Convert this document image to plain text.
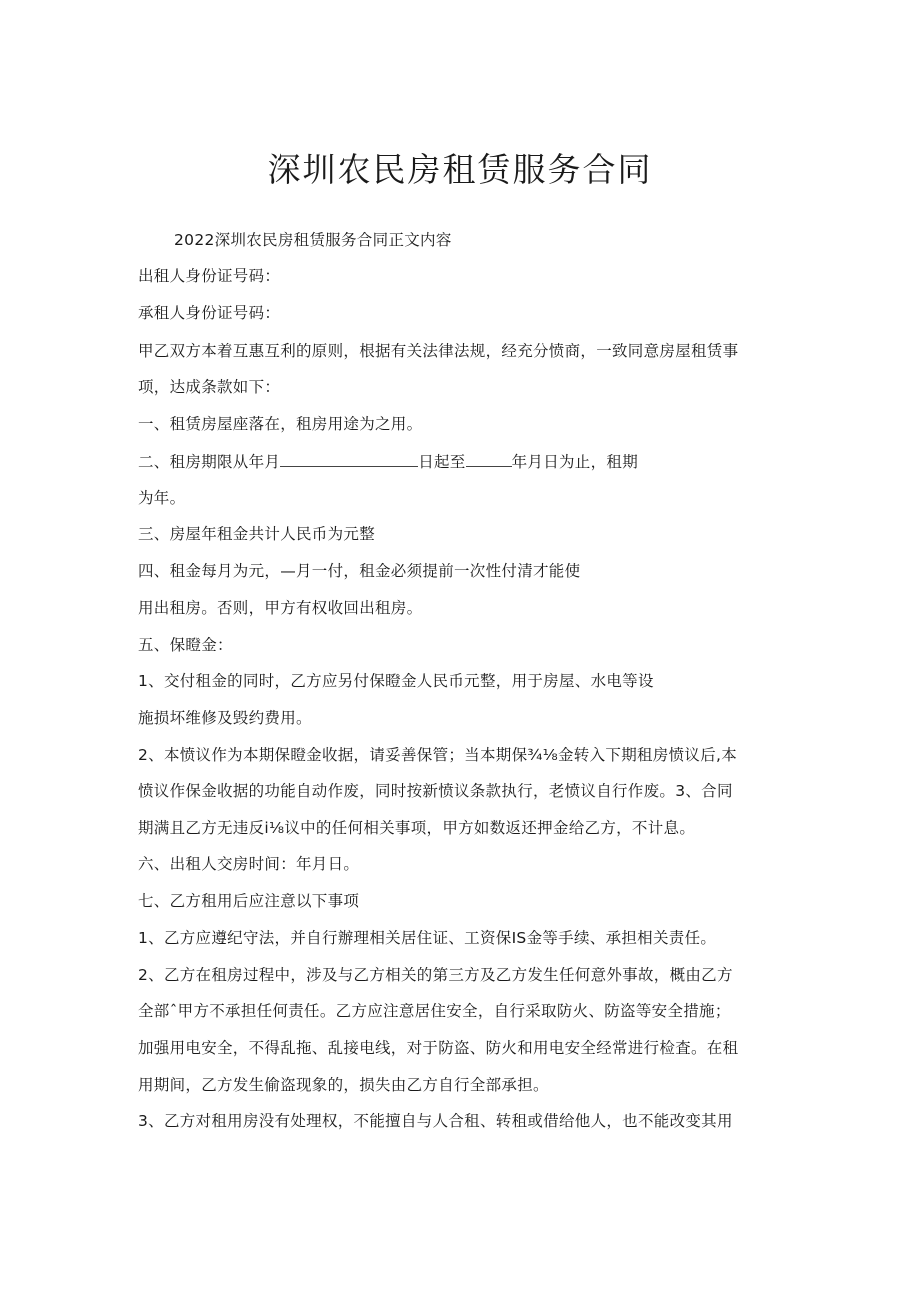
深圳农民房租赁服务合同
2022深圳农民房租赁服务合同正文内容
出租人身份证号码：
承租人身份证号码：
甲乙双方本着互惠互利的原则，根据有关法律法规，经充分愤商，一致同意房屋租赁事
项，达成条款如下：
一、租赁房屋座落在，租房用途为之用。
二、租房期限从年月	日起至	年月日为止，租期
为年。
三、房屋年租金共计人民币为元整
四、租金每月为元，—月一付，租金必须提前一次性付清才能使
用出租房。否则，甲方有权收回出租房。
五、保瞪金：
1、交付租金的同时，乙方应另付保瞪金人民币元整，用于房屋、水电等设
施损坏维修及毁约费用。
2、本愤议作为本期保瞪金收据，请妥善保管；当本期保¾⅛金转入下期租房愤议后,本
愤议作保金收据的功能自动作废，同时按新愤议条款执行，老愤议自行作废。3、合同
期满且乙方无违反i⅛议中的任何相关事项，甲方如数返还押金给乙方，不计息。
六、出租人交房时间：年月日。
七、乙方租用后应注意以下事项
1、乙方应遵纪守法，并自行辦理相关居住证、工资保IS金等手续、承担相关责任。
2、乙方在租房过程中，涉及与乙方相关的第三方及乙方发生任何意外事故，概由乙方
全部ˆ甲方不承担任何责任。乙方应注意居住安全，自行采取防火、防盗等安全措施；
加强用电安全，不得乱拖、乱接电线，对于防盗、防火和用电安全经常进行检査。在租
用期间，乙方发生偷盗现象的，损失由乙方自行全部承担。
3、乙方对租用房没有处理权，不能擅自与人合租、转租或借给他人，也不能改变其用
